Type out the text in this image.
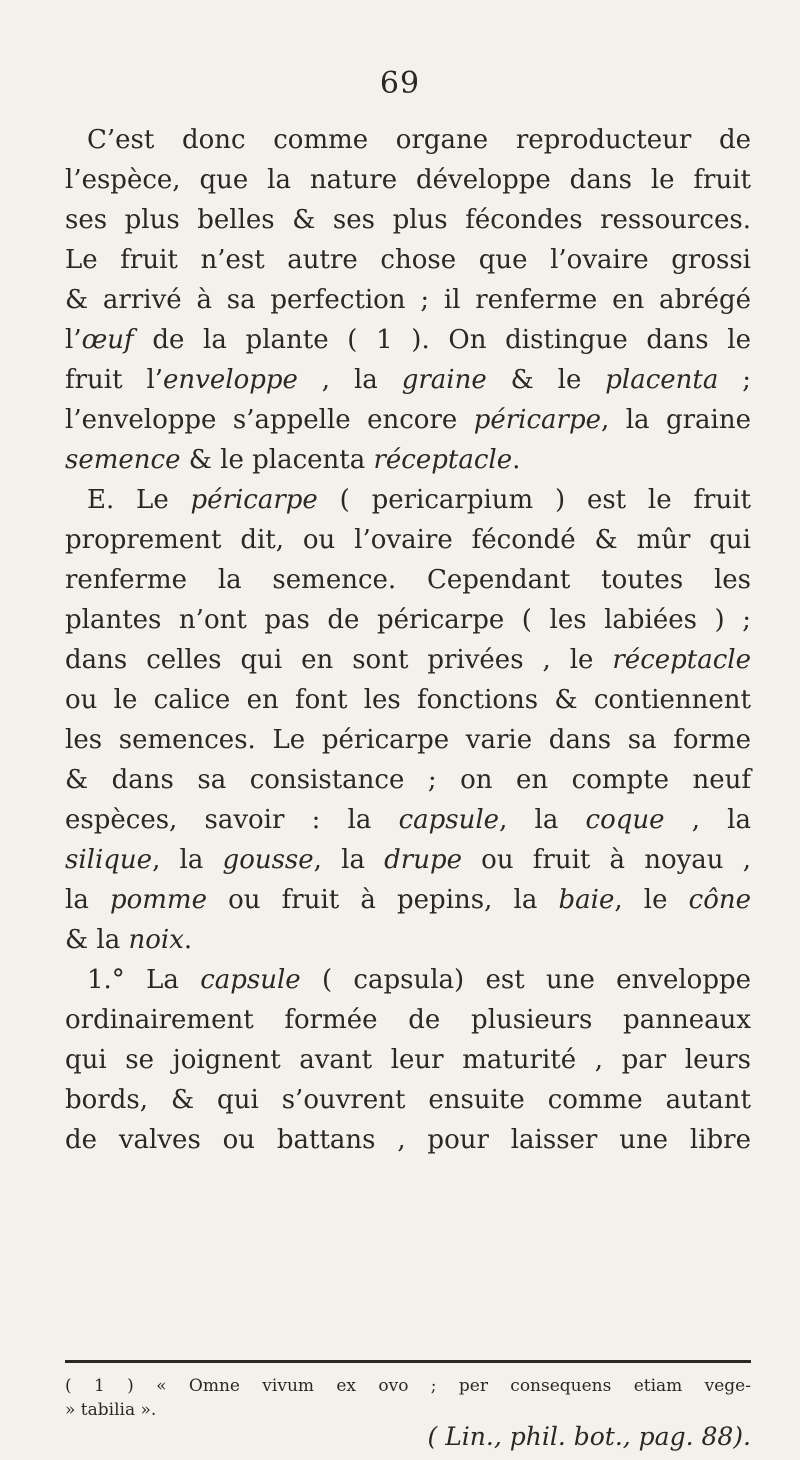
69
C’est donc comme organe reproducteur de
l’espèce, que la nature développe dans le fruit
ses plus belles & ses plus fécondes ressources.
Le fruit n’est autre chose que l’ovaire grossi
& arrivé à sa perfection ; il renferme en abrégé
l’œuf de la plante ( 1 ). On distingue dans le
fruit l’enveloppe , la graine & le placenta ;
l’enveloppe s’appelle encore péricarpe, la graine
semence & le placenta réceptacle.
E. Le péricarpe ( pericarpium ) est le fruit
proprement dit, ou l’ovaire fécondé & mûr qui
renferme la semence. Cependant toutes les
plantes n’ont pas de péricarpe ( les labiées ) ;
dans celles qui en sont privées , le réceptacle
ou le calice en font les fonctions & contiennent
les semences. Le péricarpe varie dans sa forme
& dans sa consistance ; on en compte neuf
espèces, savoir : la capsule, la coque , la
silique, la gousse, la drupe ou fruit à noyau ,
la pomme ou fruit à pepins, la baie, le cône
& la noix.
1.° La capsule ( capsula) est une enveloppe
ordinairement formée de plusieurs panneaux
qui se joignent avant leur maturité , par leurs
bords, & qui s’ouvrent ensuite comme autant
de valves ou battans , pour laisser une libre
( 1 ) « Omne vivum ex ovo ; per consequens etiam vege-
» tabilia ».
( Lin., phil. bot., pag. 88).
